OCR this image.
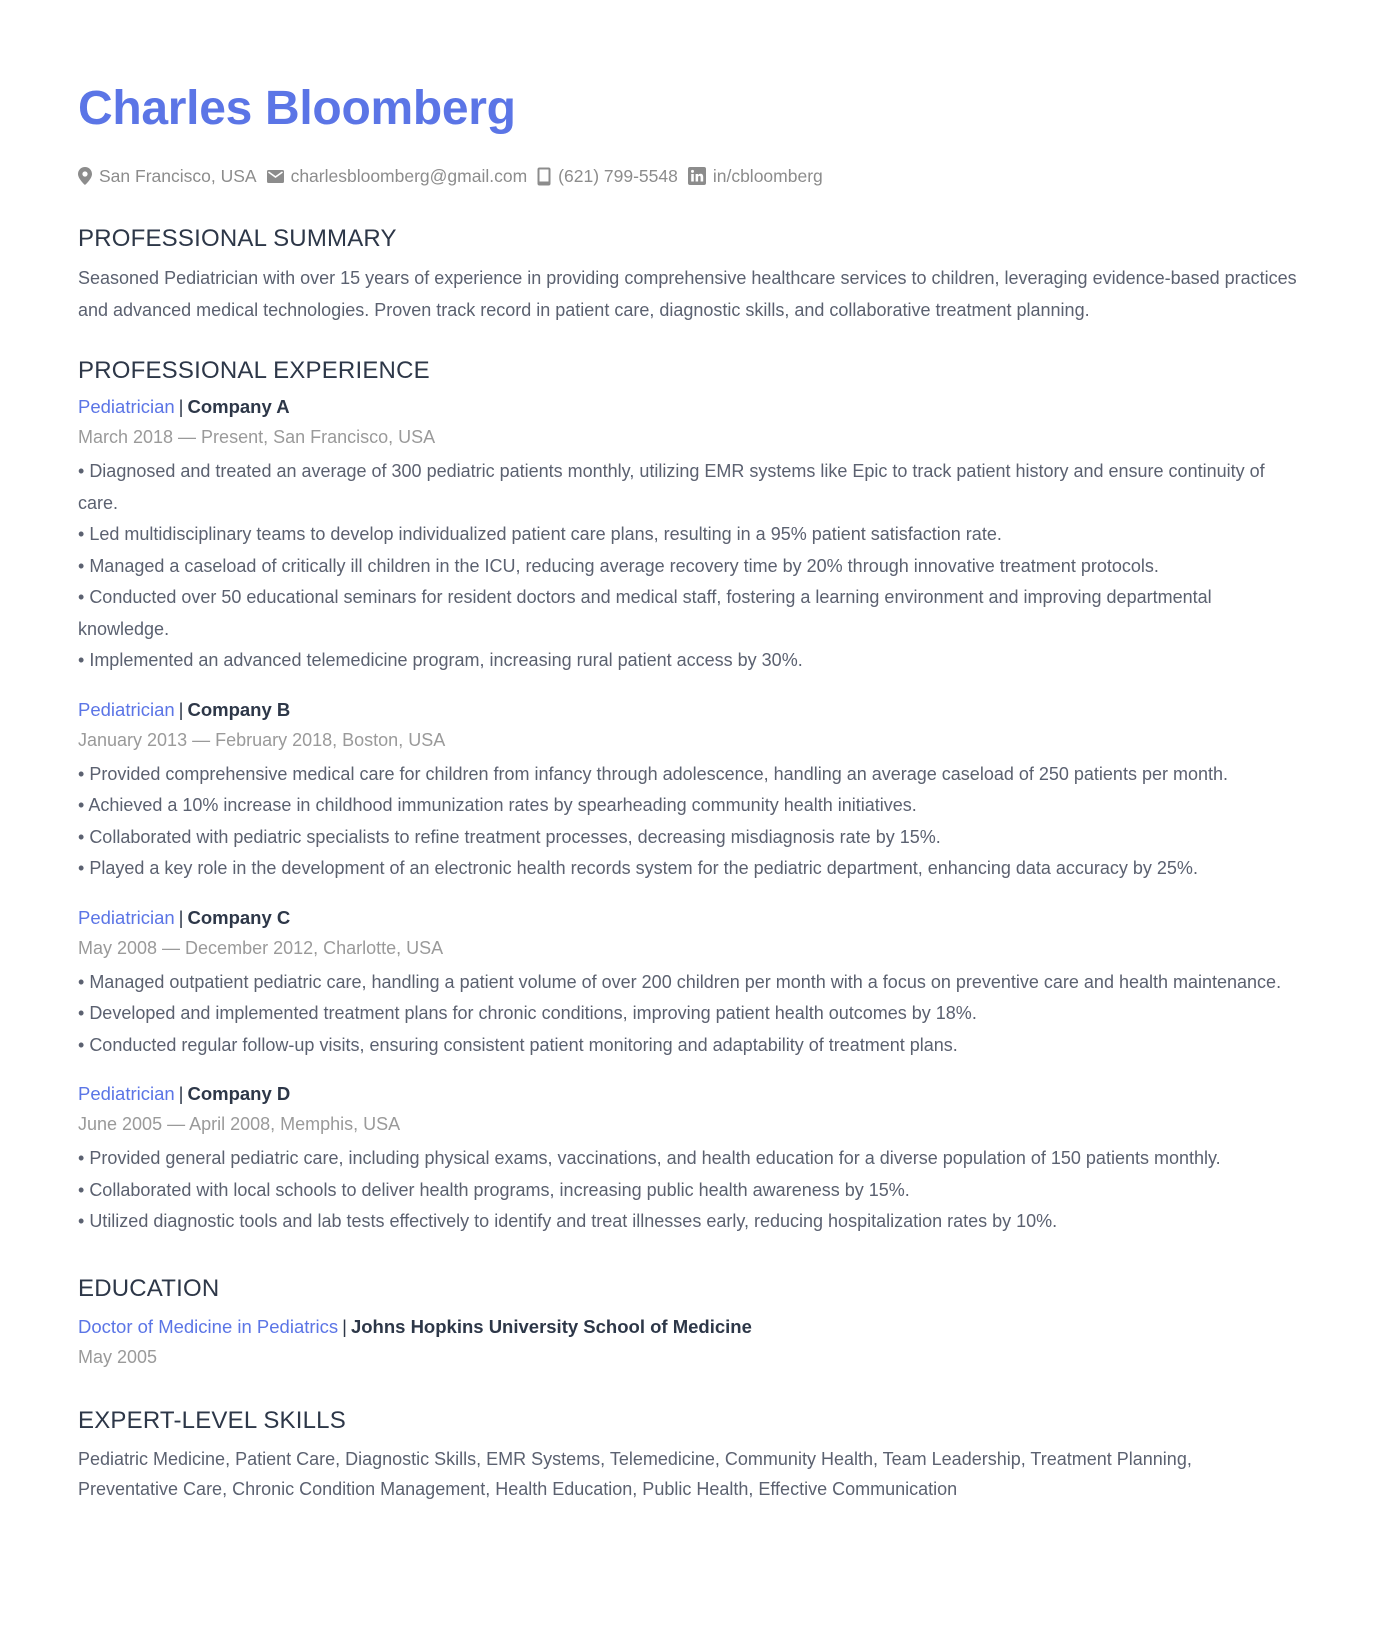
Charles Bloomberg
San Francisco, USA charlesbloomberg@gmail.com (621) 799-5548 in/cbloomberg
PROFESSIONAL SUMMARY

Seasoned Pediatrician with over 15 years of experience in providing comprehensive healthcare services to children, leveraging evidence-based practices and advanced medical technologies. Proven track record in patient care, diagnostic skills, and collaborative treatment planning.

PROFESSIONAL EXPERIENCE
Pediatrician | Company A
March 2018 — Present, San Francisco, USA
• Diagnosed and treated an average of 300 pediatric patients monthly, utilizing EMR systems like Epic to track patient history and ensure continuity of care.
• Led multidisciplinary teams to develop individualized patient care plans, resulting in a 95% patient satisfaction rate.
• Managed a caseload of critically ill children in the ICU, reducing average recovery time by 20% through innovative treatment protocols.
• Conducted over 50 educational seminars for resident doctors and medical staff, fostering a learning environment and improving departmental knowledge.
• Implemented an advanced telemedicine program, increasing rural patient access by 30%.
Pediatrician | Company B
January 2013 — February 2018, Boston, USA
• Provided comprehensive medical care for children from infancy through adolescence, handling an average caseload of 250 patients per month.
• Achieved a 10% increase in childhood immunization rates by spearheading community health initiatives.
• Collaborated with pediatric specialists to refine treatment processes, decreasing misdiagnosis rate by 15%.
• Played a key role in the development of an electronic health records system for the pediatric department, enhancing data accuracy by 25%.
Pediatrician | Company C
May 2008 — December 2012, Charlotte, USA
• Managed outpatient pediatric care, handling a patient volume of over 200 children per month with a focus on preventive care and health maintenance.
• Developed and implemented treatment plans for chronic conditions, improving patient health outcomes by 18%.
• Conducted regular follow-up visits, ensuring consistent patient monitoring and adaptability of treatment plans.
Pediatrician | Company D
June 2005 — April 2008, Memphis, USA
• Provided general pediatric care, including physical exams, vaccinations, and health education for a diverse population of 150 patients monthly.
• Collaborated with local schools to deliver health programs, increasing public health awareness by 15%.
• Utilized diagnostic tools and lab tests effectively to identify and treat illnesses early, reducing hospitalization rates by 10%.
EDUCATION
Doctor of Medicine in Pediatrics | Johns Hopkins University School of Medicine
May 2005
EXPERT-LEVEL SKILLS

Pediatric Medicine, Patient Care, Diagnostic Skills, EMR Systems, Telemedicine, Community Health, Team Leadership, Treatment Planning, Preventative Care, Chronic Condition Management, Health Education, Public Health, Effective Communication
